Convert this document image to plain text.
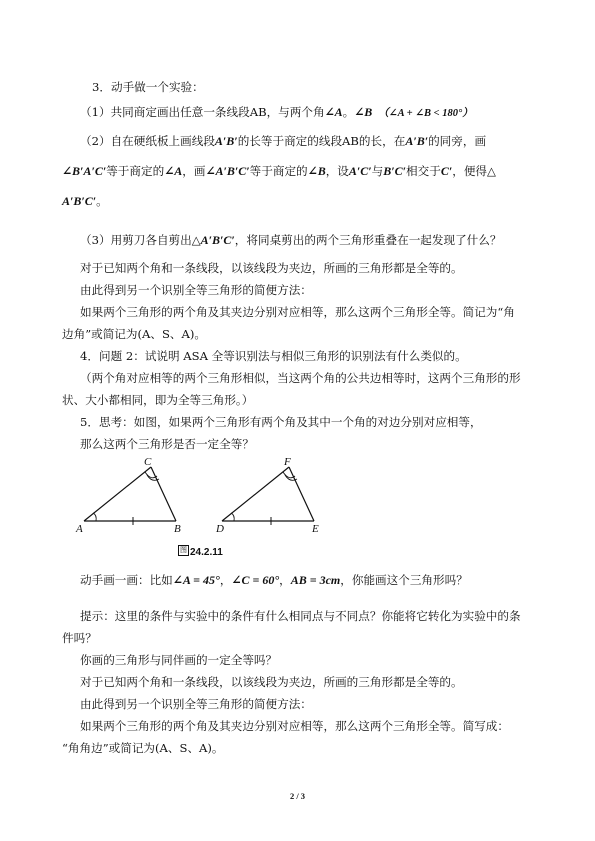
3．动手做一个实验：
（1）共同商定画出任意一条线段AB，与两个角∠A。∠B （∠A + ∠B < 180°）
（2）自在硬纸板上画线段A′B′的长等于商定的线段AB的长，在A′B′的同旁，画
∠B′A′C′等于商定的∠A，画∠A′B′C′等于商定的∠B，设A′C′与B′C′相交于C′，便得△
A′B′C′。
（3）用剪刀各自剪出△A′B′C′，将同桌剪出的两个三角形重叠在一起发现了什么？
对于已知两个角和一条线段，以该线段为夹边，所画的三角形都是全等的。
由此得到另一个识别全等三角形的简便方法：
如果两个三角形的两个角及其夹边分别对应相等，那么这两个三角形全等。简记为“角
边角”或简记为(A、S、A)。
4．问题 2：试说明 ASA 全等识别法与相似三角形的识别法有什么类似的。
（两个角对应相等的两个三角形相似，当这两个角的公共边相等时，这两个三角形的形
状、大小都相同，即为全等三角形。）
5．思考：如图，如果两个三角形有两个角及其中一个角的对边分别对应相等，
那么这两个三角形是否一定全等？
A	B
C
D	E
F
图 24.2.11
动手画一画：比如∠A = 45°，∠C = 60°，AB = 3cm，你能画这个三角形吗？
提示：这里的条件与实验中的条件有什么相同点与不同点？你能将它转化为实验中的条
件吗？
你画的三角形与同伴画的一定全等吗？
对于已知两个角和一条线段，以该线段为夹边，所画的三角形都是全等的。
由此得到另一个识别全等三角形的简便方法：
如果两个三角形的两个角及其夹边分别对应相等，那么这两个三角形全等。简写成：
“角角边”或简记为(A、S、A)。
2 / 3
